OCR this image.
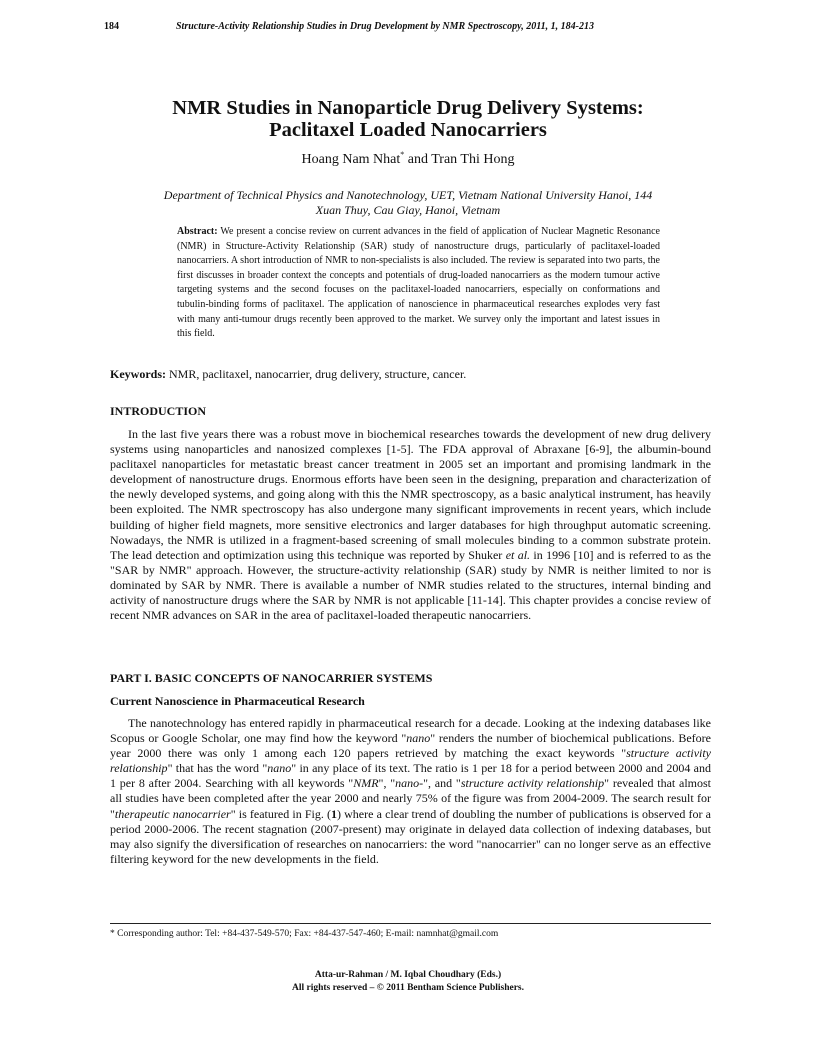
184	Structure-Activity Relationship Studies in Drug Development by NMR Spectroscopy, 2011, 1, 184-213
NMR Studies in Nanoparticle Drug Delivery Systems:
Paclitaxel Loaded Nanocarriers
Hoang Nam Nhat* and Tran Thi Hong
Department of Technical Physics and Nanotechnology, UET, Vietnam National University Hanoi, 144
Xuan Thuy, Cau Giay, Hanoi, Vietnam
Abstract: We present a concise review on current advances in the field of application of Nuclear Magnetic Resonance (NMR) in Structure-Activity Relationship (SAR) study of nanostructure drugs, particularly of paclitaxel-loaded nanocarriers. A short introduction of NMR to non-specialists is also included. The review is separated into two parts, the first discusses in broader context the concepts and potentials of drug-loaded nanocarriers as the modern tumour active targeting systems and the second focuses on the paclitaxel-loaded nanocarriers, especially on conformations and tubulin-binding forms of paclitaxel. The application of nanoscience in pharmaceutical researches explodes very fast with many anti-tumour drugs recently been approved to the market. We survey only the important and latest issues in this field.
Keywords: NMR, paclitaxel, nanocarrier, drug delivery, structure, cancer.
INTRODUCTION
In the last five years there was a robust move in biochemical researches towards the development of new drug delivery systems using nanoparticles and nanosized complexes [1-5]. The FDA approval of Abraxane [6-9], the albumin-bound paclitaxel nanoparticles for metastatic breast cancer treatment in 2005 set an important and promising landmark in the development of nanostructure drugs. Enormous efforts have been seen in the designing, preparation and characterization of the newly developed systems, and going along with this the NMR spectroscopy, as a basic analytical instrument, has heavily been exploited. The NMR spectroscopy has also undergone many significant improvements in recent years, which include building of higher field magnets, more sensitive electronics and larger databases for high throughput automatic screening. Nowadays, the NMR is utilized in a fragment-based screening of small molecules binding to a common substrate protein. The lead detection and optimization using this technique was reported by Shuker et al. in 1996 [10] and is referred to as the "SAR by NMR" approach. However, the structure-activity relationship (SAR) study by NMR is neither limited to nor is dominated by SAR by NMR. There is available a number of NMR studies related to the structures, internal binding and activity of nanostructure drugs where the SAR by NMR is not applicable [11-14]. This chapter provides a concise review of recent NMR advances on SAR in the area of paclitaxel-loaded therapeutic nanocarriers.
PART I. BASIC CONCEPTS OF NANOCARRIER SYSTEMS
Current Nanoscience in Pharmaceutical Research
The nanotechnology has entered rapidly in pharmaceutical research for a decade. Looking at the indexing databases like Scopus or Google Scholar, one may find how the keyword "nano" renders the number of biochemical publications. Before year 2000 there was only 1 among each 120 papers retrieved by matching the exact keywords "structure activity relationship" that has the word "nano" in any place of its text. The ratio is 1 per 18 for a period between 2000 and 2004 and 1 per 8 after 2004. Searching with all keywords "NMR", "nano-", and "structure activity relationship" revealed that almost all studies have been completed after the year 2000 and nearly 75% of the figure was from 2004-2009. The search result for "therapeutic nanocarrier" is featured in Fig. (1) where a clear trend of doubling the number of publications is observed for a period 2000-2006. The recent stagnation (2007-present) may originate in delayed data collection of indexing databases, but may also signify the diversification of researches on nanocarriers: the word "nanocarrier" can no longer serve as an effective filtering keyword for the new developments in the field.
* Corresponding author: Tel: +84-437-549-570; Fax: +84-437-547-460; E-mail: namnhat@gmail.com
Atta-ur-Rahman / M. Iqbal Choudhary (Eds.)
All rights reserved – © 2011 Bentham Science Publishers.
